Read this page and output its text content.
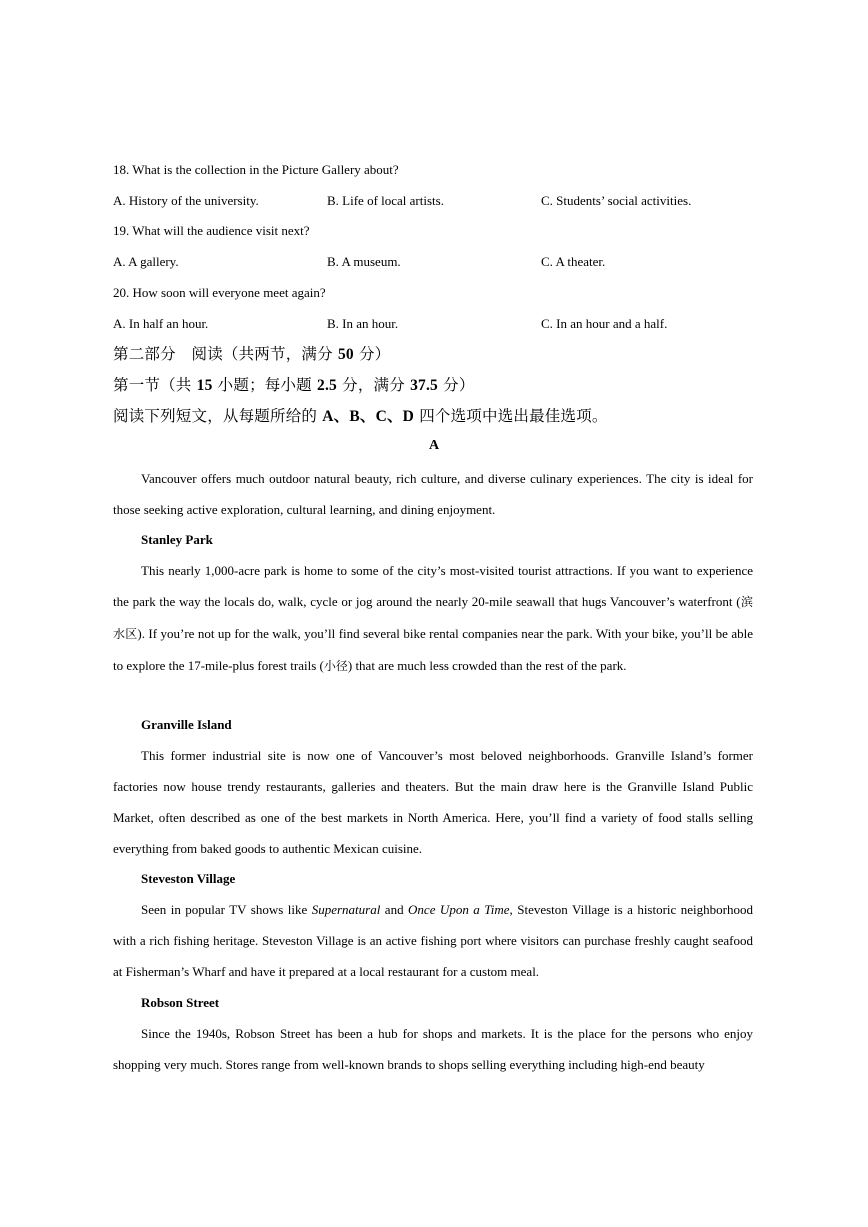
18. What is the collection in the Picture Gallery about?
A. History of the university.	B. Life of local artists.	C. Students’ social activities.
19. What will the audience visit next?
A. A gallery.	B. A museum.	C. A theater.
20. How soon will everyone meet again?
A. In half an hour.	B. In an hour.	C. In an hour and a half.
第二部分　阅读（共两节，满分 50 分）
第一节（共 15 小题；每小题 2.5 分，满分 37.5 分）
阅读下列短文，从每题所给的 A、B、C、D 四个选项中选出最佳选项。
A
Vancouver offers much outdoor natural beauty, rich culture, and diverse culinary experiences. The city is ideal for those seeking active exploration, cultural learning, and dining enjoyment.
Stanley Park
This nearly 1,000-acre park is home to some of the city’s most-visited tourist attractions. If you want to experience the park the way the locals do, walk, cycle or jog around the nearly 20-mile seawall that hugs Vancouver’s waterfront (滨水区). If you’re not up for the walk, you’ll find several bike rental companies near the park. With your bike, you’ll be able to explore the 17-mile-plus forest trails (小径) that are much less crowded than the rest of the park.
Granville Island
This former industrial site is now one of Vancouver’s most beloved neighborhoods. Granville Island’s former factories now house trendy restaurants, galleries and theaters. But the main draw here is the Granville Island Public Market, often described as one of the best markets in North America. Here, you’ll find a variety of food stalls selling everything from baked goods to authentic Mexican cuisine.
Steveston Village
Seen in popular TV shows like Supernatural and Once Upon a Time, Steveston Village is a historic neighborhood with a rich fishing heritage. Steveston Village is an active fishing port where visitors can purchase freshly caught seafood at Fisherman’s Wharf and have it prepared at a local restaurant for a custom meal.
Robson Street
Since the 1940s, Robson Street has been a hub for shops and markets. It is the place for the persons who enjoy shopping very much. Stores range from well-known brands to shops selling everything including high-end beauty
